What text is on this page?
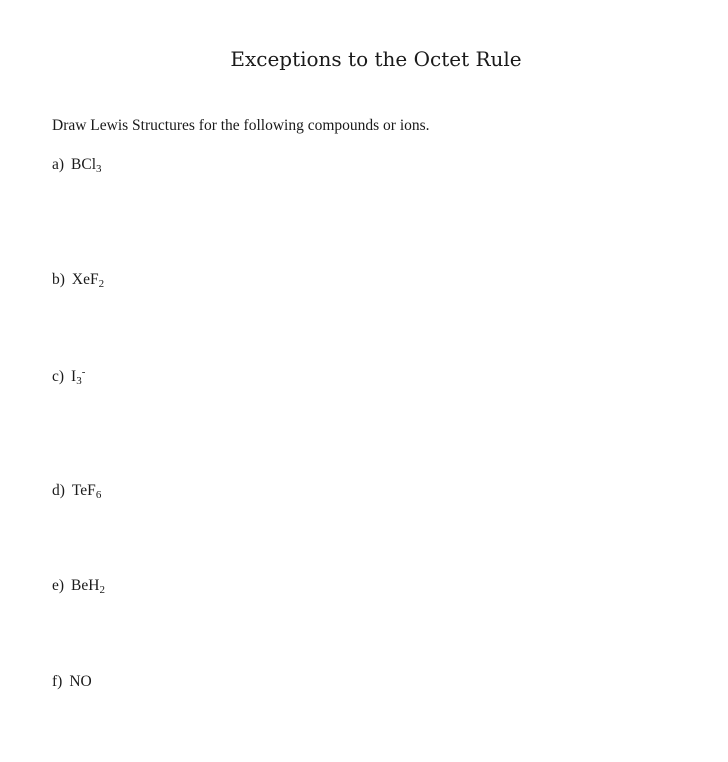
Exceptions to the Octet Rule

Draw Lewis Structures for the following compounds or ions.

a) BCl$_3$
b) XeF$_2$
c) $I_3^-$
d) TeF$_6$
e) BeH$_2$
f) NO
